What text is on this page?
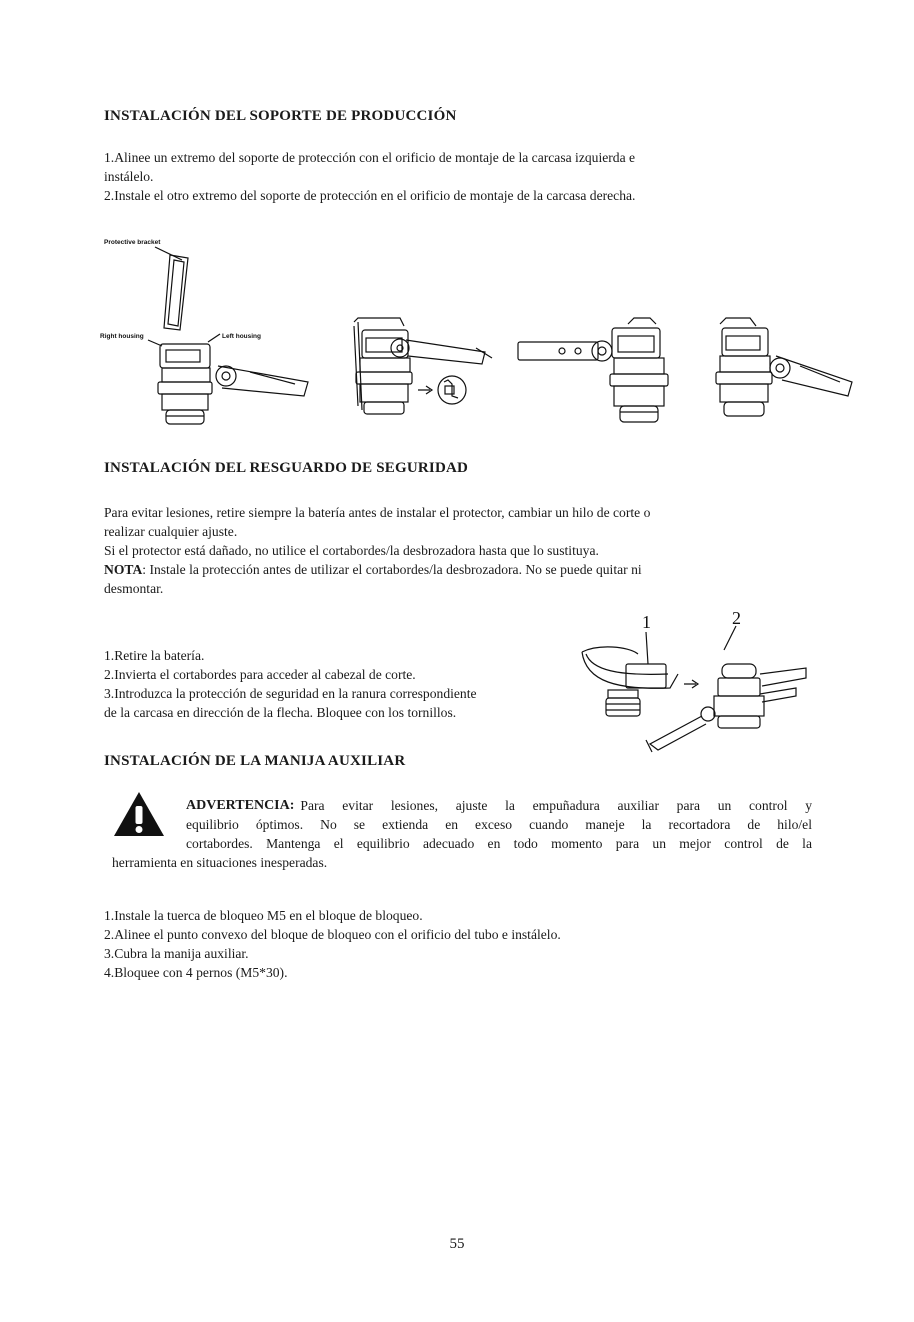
INSTALACIÓN DEL SOPORTE DE PRODUCCIÓN
1.Alinee un extremo del soporte de protección con el orificio de montaje de la carcasa izquierda e
instálelo.
2.Instale el otro extremo del soporte de protección en el orificio de montaje de la carcasa derecha.
Protective bracket
Right housing	Left housing
INSTALACIÓN DEL RESGUARDO DE SEGURIDAD
Para evitar lesiones, retire siempre la batería antes de instalar el protector, cambiar un hilo de corte o
realizar cualquier ajuste.
Si el protector está dañado, no utilice el cortabordes/la desbrozadora hasta que lo sustituya.
NOTA: Instale la protección antes de utilizar el cortabordes/la desbrozadora. No se puede quitar ni
desmontar.
1.Retire la batería.
2.Invierta el cortabordes para acceder al cabezal de corte.
3.Introduzca la protección de seguridad en la ranura correspondiente
de la carcasa en dirección de la flecha. Bloquee con los tornillos.
1	2
INSTALACIÓN DE LA MANIJA AUXILIAR
ADVERTENCIA: Para evitar lesiones, ajuste la empuñadura auxiliar para un control y
equilibrio óptimos. No se extienda en exceso cuando maneje la recortadora de hilo/el
cortabordes. Mantenga el equilibrio adecuado en todo momento para un mejor control de la
herramienta en situaciones inesperadas.
1.Instale la tuerca de bloqueo M5 en el bloque de bloqueo.
2.Alinee el punto convexo del bloque de bloqueo con el orificio del tubo e instálelo.
3.Cubra la manija auxiliar.
4.Bloquee con 4 pernos (M5*30).
55
